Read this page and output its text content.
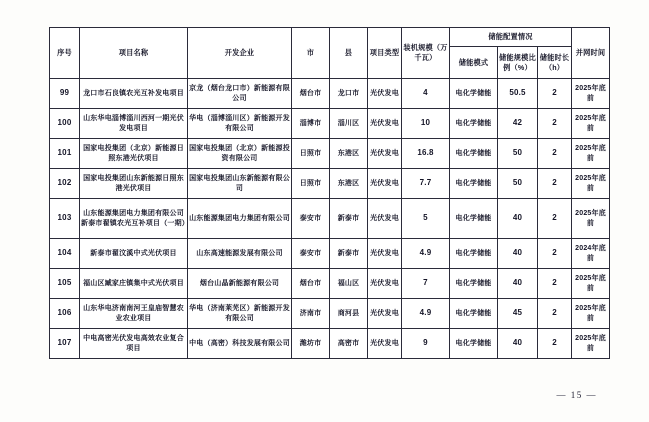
序号	项目名称	开发企业	市	县	项目类型	装机规模（万千瓦）	储能配置情况			并网时间
							储能模式	储能规模比例（%）	储能时长（h）	
99	龙口市石良镇农光互补发电项目	京龙（烟台龙口市）新能源有限公司	烟台市	龙口市	光伏发电	4	电化学储能	50.5	2	2025年底前
100	山东华电淄博淄川西河一期光伏发电项目	华电（淄博淄川区）新能源开发有限公司	淄博市	淄川区	光伏发电	10	电化学储能	42	2	2025年底前
101	国家电投集团（北京）新能源日照东港光伏项目	国家电投集团（北京）新能源投资有限公司	日照市	东港区	光伏发电	16.8	电化学储能	50	2	2025年底前
102	国家电投集团山东新能源日照东港光伏项目	国家电投集团山东新能源有限公司	日照市	东港区	光伏发电	7.7	电化学储能	50	2	2025年底前
103	山东能源集团电力集团有限公司新泰市翟镇农光互补项目（一期）	山东能源集团电力集团有限公司	泰安市	新泰市	光伏发电	5	电化学储能	40	2	2025年底前
104	新泰市翟汶溪中式光伏项目	山东高速能源发展有限公司	泰安市	新泰市	光伏发电	4.9	电化学储能	40	2	2024年底前
105	福山区臧家庄镇集中式光伏项目	烟台山晶新能源有限公司	烟台市	福山区	光伏发电	7	电化学储能	40	2	2025年底前
106	山东华电济南南河王皇庙智慧农业农业项目	华电（济南莱芜区）新能源开发有限公司	济南市	商河县	光伏发电	4.9	电化学储能	45	2	2025年底前
107	中电高密光伏发电高效农业复合项目	中电（高密）科技发展有限公司	潍坊市	高密市	光伏发电	9	电化学储能	40	2	2025年底前
— 15 —
